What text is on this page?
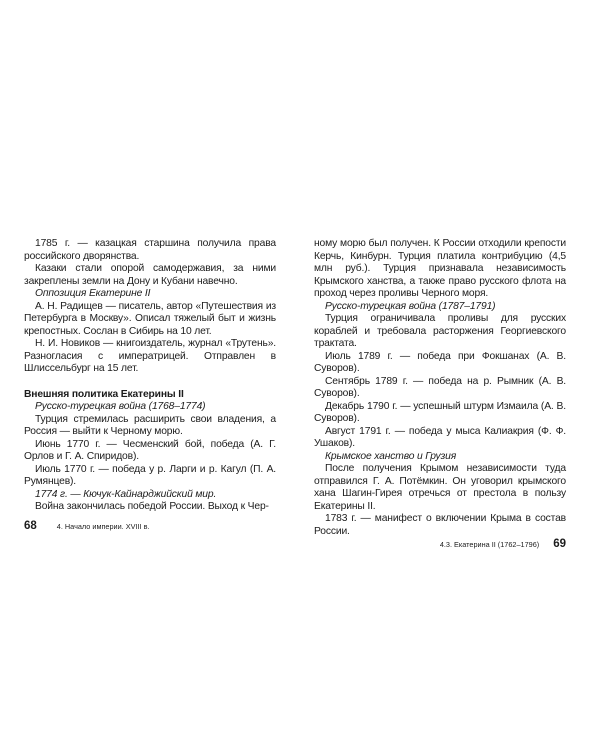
1785 г. — казацкая старшина получила права российского дворянства.

Казаки стали опорой самодержавия, за ними закреплены земли на Дону и Кубани навечно.

Оппозиция Екатерине II

А. Н. Радищев — писатель, автор «Путешествия из Петербурга в Москву». Описал тяжелый быт и жизнь крепостных. Сослан в Сибирь на 10 лет.

Н. И. Новиков — книгоиздатель, журнал «Трутень». Разногласия с императрицей. Отправлен в Шлиссельбург на 15 лет.

Внешняя политика Екатерины II

Русско-турецкая война (1768–1774)

Турция стремилась расширить свои владения, а Россия — выйти к Черному морю.

Июнь 1770 г. — Чесменский бой, победа (А. Г. Орлов и Г. А. Спиридов).

Июль 1770 г. — победа у р. Ларги и р. Кагул (П. А. Румянцев).

1774 г. — Кючук-Кайнарджийский мир.

Война закончилась победой России. Выход к Чер-

68	4. Начало империи. XVIII в.

ному морю был получен. К России отходили крепости Керчь, Кинбурн. Турция платила контрибуцию (4,5 млн руб.). Турция признавала независимость Крымского ханства, а также право русского флота на проход через проливы Черного моря.

Русско-турецкая война (1787–1791)

Турция ограничивала проливы для русских кораблей и требовала расторжения Георгиевского трактата.

Июль 1789 г. — победа при Фокшанах (А. В. Суворов).

Сентябрь 1789 г. — победа на р. Рымник (А. В. Суворов).

Декабрь 1790 г. — успешный штурм Измаила (А. В. Суворов).

Август 1791 г. — победа у мыса Калиакрия (Ф. Ф. Ушаков).

Крымское ханство и Грузия

После получения Крымом независимости туда отправился Г. А. Потёмкин. Он уговорил крымского хана Шагин-Гирея отречься от престола в пользу Екатерины II.

1783 г. — манифест о включении Крыма в состав России.

4.3. Екатерина II (1762–1796) 69
